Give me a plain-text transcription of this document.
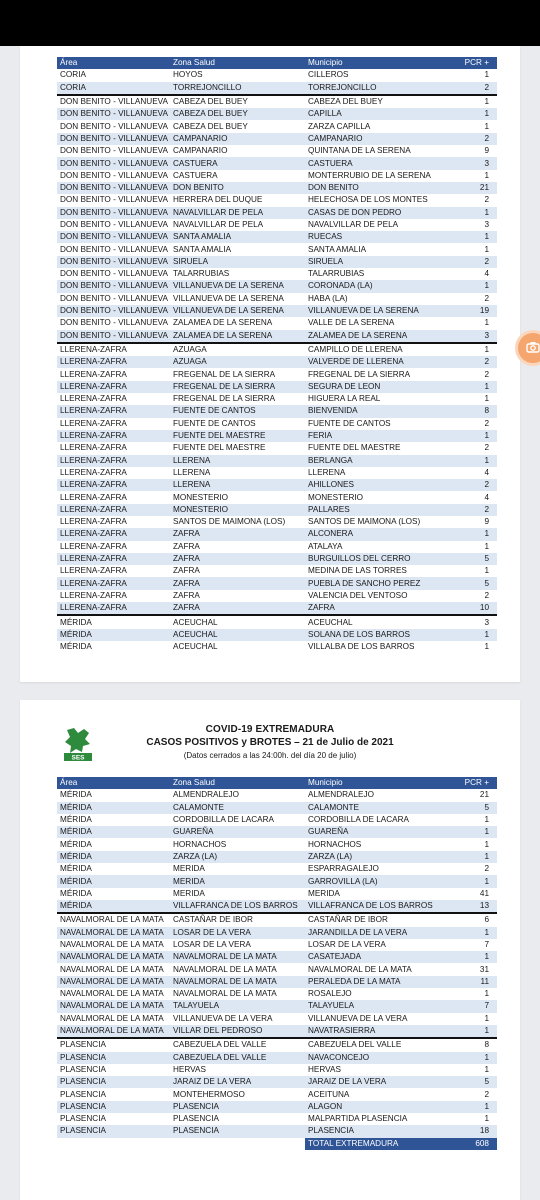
Área	Zona Salud	Municipio	PCR +
CORIA	HOYOS	CILLEROS	1
CORIA	TORREJONCILLO	TORREJONCILLO	2
DON BENITO - VILLANUEVA	CABEZA DEL BUEY	CABEZA DEL BUEY	1
DON BENITO - VILLANUEVA	CABEZA DEL BUEY	CAPILLA	1
DON BENITO - VILLANUEVA	CABEZA DEL BUEY	ZARZA CAPILLA	1
DON BENITO - VILLANUEVA	CAMPANARIO	CAMPANARIO	2
DON BENITO - VILLANUEVA	CAMPANARIO	QUINTANA DE LA SERENA	9
DON BENITO - VILLANUEVA	CASTUERA	CASTUERA	3
DON BENITO - VILLANUEVA	CASTUERA	MONTERRUBIO DE LA SERENA	1
DON BENITO - VILLANUEVA	DON BENITO	DON BENITO	21
DON BENITO - VILLANUEVA	HERRERA DEL DUQUE	HELECHOSA DE LOS MONTES	2
DON BENITO - VILLANUEVA	NAVALVILLAR DE PELA	CASAS DE DON PEDRO	1
DON BENITO - VILLANUEVA	NAVALVILLAR DE PELA	NAVALVILLAR DE PELA	3
DON BENITO - VILLANUEVA	SANTA AMALIA	RUECAS	1
DON BENITO - VILLANUEVA	SANTA AMALIA	SANTA AMALIA	1
DON BENITO - VILLANUEVA	SIRUELA	SIRUELA	2
DON BENITO - VILLANUEVA	TALARRUBIAS	TALARRUBIAS	4
DON BENITO - VILLANUEVA	VILLANUEVA DE LA SERENA	CORONADA (LA)	1
DON BENITO - VILLANUEVA	VILLANUEVA DE LA SERENA	HABA (LA)	2
DON BENITO - VILLANUEVA	VILLANUEVA DE LA SERENA	VILLANUEVA DE LA SERENA	19
DON BENITO - VILLANUEVA	ZALAMEA DE LA SERENA	VALLE DE LA SERENA	1
DON BENITO - VILLANUEVA	ZALAMEA DE LA SERENA	ZALAMEA DE LA SERENA	3
LLERENA-ZAFRA	AZUAGA	CAMPILLO DE LLERENA	1
LLERENA-ZAFRA	AZUAGA	VALVERDE DE LLERENA	2
LLERENA-ZAFRA	FREGENAL DE LA SIERRA	FREGENAL DE LA SIERRA	2
LLERENA-ZAFRA	FREGENAL DE LA SIERRA	SEGURA DE LEON	1
LLERENA-ZAFRA	FREGENAL DE LA SIERRA	HIGUERA LA REAL	1
LLERENA-ZAFRA	FUENTE DE CANTOS	BIENVENIDA	8
LLERENA-ZAFRA	FUENTE DE CANTOS	FUENTE DE CANTOS	2
LLERENA-ZAFRA	FUENTE DEL MAESTRE	FERIA	1
LLERENA-ZAFRA	FUENTE DEL MAESTRE	FUENTE DEL MAESTRE	2
LLERENA-ZAFRA	LLERENA	BERLANGA	1
LLERENA-ZAFRA	LLERENA	LLERENA	4
LLERENA-ZAFRA	LLERENA	AHILLONES	2
LLERENA-ZAFRA	MONESTERIO	MONESTERIO	4
LLERENA-ZAFRA	MONESTERIO	PALLARES	2
LLERENA-ZAFRA	SANTOS DE MAIMONA (LOS)	SANTOS DE MAIMONA (LOS)	9
LLERENA-ZAFRA	ZAFRA	ALCONERA	1
LLERENA-ZAFRA	ZAFRA	ATALAYA	1
LLERENA-ZAFRA	ZAFRA	BURGUILLOS DEL CERRO	5
LLERENA-ZAFRA	ZAFRA	MEDINA DE LAS TORRES	1
LLERENA-ZAFRA	ZAFRA	PUEBLA DE SANCHO PEREZ	5
LLERENA-ZAFRA	ZAFRA	VALENCIA DEL VENTOSO	2
LLERENA-ZAFRA	ZAFRA	ZAFRA	10
MÉRIDA	ACEUCHAL	ACEUCHAL	3
MÉRIDA	ACEUCHAL	SOLANA DE LOS BARROS	1
MÉRIDA	ACEUCHAL	VILLALBA DE LOS BARROS	1
SES
COVID-19 EXTREMADURA
CASOS POSITIVOS y BROTES – 21 de Julio de 2021
(Datos cerrados a las 24:00h. del día 20 de julio)
Área	Zona Salud	Municipio	PCR +
MÉRIDA	ALMENDRALEJO	ALMENDRALEJO	21
MÉRIDA	CALAMONTE	CALAMONTE	5
MÉRIDA	CORDOBILLA DE LACARA	CORDOBILLA DE LACARA	1
MÉRIDA	GUAREÑA	GUAREÑA	1
MÉRIDA	HORNACHOS	HORNACHOS	1
MÉRIDA	ZARZA (LA)	ZARZA (LA)	1
MÉRIDA	MERIDA	ESPARRAGALEJO	2
MÉRIDA	MERIDA	GARROVILLA (LA)	1
MÉRIDA	MERIDA	MERIDA	41
MÉRIDA	VILLAFRANCA DE LOS BARROS	VILLAFRANCA DE LOS BARROS	13
NAVALMORAL DE LA MATA	CASTAÑAR DE IBOR	CASTAÑAR DE IBOR	6
NAVALMORAL DE LA MATA	LOSAR DE LA VERA	JARANDILLA DE LA VERA	1
NAVALMORAL DE LA MATA	LOSAR DE LA VERA	LOSAR DE LA VERA	7
NAVALMORAL DE LA MATA	NAVALMORAL DE LA MATA	CASATEJADA	1
NAVALMORAL DE LA MATA	NAVALMORAL DE LA MATA	NAVALMORAL DE LA MATA	31
NAVALMORAL DE LA MATA	NAVALMORAL DE LA MATA	PERALEDA DE LA MATA	11
NAVALMORAL DE LA MATA	NAVALMORAL DE LA MATA	ROSALEJO	1
NAVALMORAL DE LA MATA	TALAYUELA	TALAYUELA	7
NAVALMORAL DE LA MATA	VILLANUEVA DE LA VERA	VILLANUEVA DE LA VERA	1
NAVALMORAL DE LA MATA	VILLAR DEL PEDROSO	NAVATRASIERRA	1
PLASENCIA	CABEZUELA DEL VALLE	CABEZUELA DEL VALLE	8
PLASENCIA	CABEZUELA DEL VALLE	NAVACONCEJO	1
PLASENCIA	HERVAS	HERVAS	1
PLASENCIA	JARAIZ DE LA VERA	JARAIZ DE LA VERA	5
PLASENCIA	MONTEHERMOSO	ACEITUNA	2
PLASENCIA	PLASENCIA	ALAGON	1
PLASENCIA	PLASENCIA	MALPARTIDA PLASENCIA	1
PLASENCIA	PLASENCIA	PLASENCIA	18
		TOTAL EXTREMADURA	608
